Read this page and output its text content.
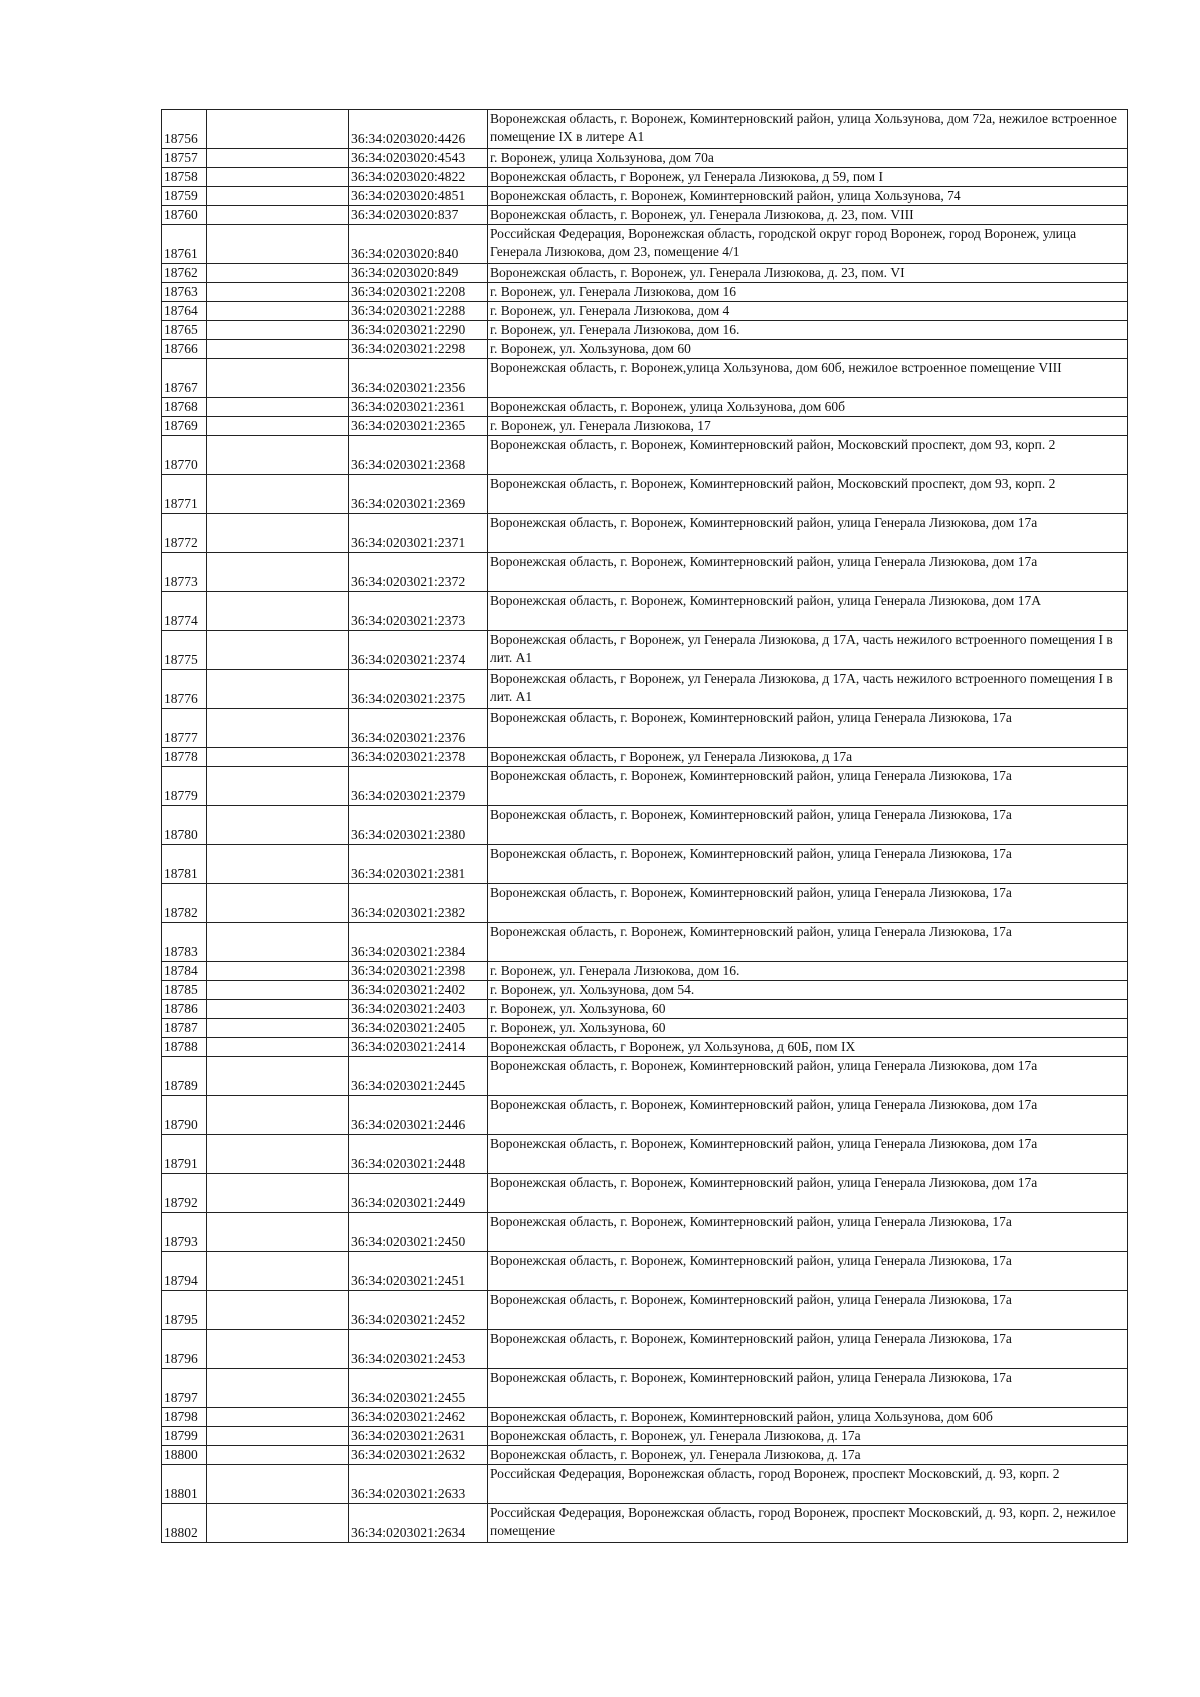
18756		36:34:0203020:4426	Воронежская область, г. Воронеж, Коминтерновский район, улица Хользунова, дом 72а, нежилое встроенное помещение IX в литере А1
18757		36:34:0203020:4543	г. Воронеж, улица Хользунова, дом 70а
18758		36:34:0203020:4822	Воронежская область, г Воронеж, ул Генерала Лизюкова, д 59, пом I
18759		36:34:0203020:4851	Воронежская область, г. Воронеж, Коминтерновский район, улица Хользунова, 74
18760		36:34:0203020:837	Воронежская область, г. Воронеж, ул. Генерала Лизюкова, д. 23, пом. VIII
18761		36:34:0203020:840	Российская Федерация, Воронежская область, городской округ город Воронеж, город Воронеж, улица Генерала Лизюкова, дом 23, помещение 4/1
18762		36:34:0203020:849	Воронежская область, г. Воронеж, ул. Генерала Лизюкова, д. 23, пом. VI
18763		36:34:0203021:2208	г. Воронеж, ул. Генерала Лизюкова, дом 16
18764		36:34:0203021:2288	г. Воронеж, ул. Генерала Лизюкова, дом 4
18765		36:34:0203021:2290	г. Воронеж, ул. Генерала Лизюкова, дом 16.
18766		36:34:0203021:2298	г. Воронеж, ул. Хользунова, дом 60
18767		36:34:0203021:2356	Воронежская область, г. Воронеж,улица Хользунова, дом 60б, нежилое встроенное помещение VIII
18768		36:34:0203021:2361	Воронежская область, г. Воронеж, улица Хользунова, дом 60б
18769		36:34:0203021:2365	г. Воронеж, ул. Генерала Лизюкова, 17
18770		36:34:0203021:2368	Воронежская область, г. Воронеж, Коминтерновский район, Московский проспект, дом 93, корп. 2
18771		36:34:0203021:2369	Воронежская область, г. Воронеж, Коминтерновский район, Московский проспект, дом 93, корп. 2
18772		36:34:0203021:2371	Воронежская область, г. Воронеж, Коминтерновский район, улица Генерала Лизюкова, дом 17а
18773		36:34:0203021:2372	Воронежская область, г. Воронеж, Коминтерновский район, улица Генерала Лизюкова, дом 17а
18774		36:34:0203021:2373	Воронежская область, г. Воронеж, Коминтерновский район, улица Генерала Лизюкова, дом 17А
18775		36:34:0203021:2374	Воронежская область, г Воронеж, ул Генерала Лизюкова, д 17А, часть нежилого встроенного помещения I в лит. А1
18776		36:34:0203021:2375	Воронежская область, г Воронеж, ул Генерала Лизюкова, д 17А, часть нежилого встроенного помещения I в лит. А1
18777		36:34:0203021:2376	Воронежская область, г. Воронеж, Коминтерновский район, улица Генерала Лизюкова, 17а
18778		36:34:0203021:2378	Воронежская область, г Воронеж, ул Генерала Лизюкова, д 17а
18779		36:34:0203021:2379	Воронежская область, г. Воронеж, Коминтерновский район, улица Генерала Лизюкова, 17а
18780		36:34:0203021:2380	Воронежская область, г. Воронеж, Коминтерновский район, улица Генерала Лизюкова, 17а
18781		36:34:0203021:2381	Воронежская область, г. Воронеж, Коминтерновский район, улица Генерала Лизюкова, 17а
18782		36:34:0203021:2382	Воронежская область, г. Воронеж, Коминтерновский район, улица Генерала Лизюкова, 17а
18783		36:34:0203021:2384	Воронежская область, г. Воронеж, Коминтерновский район, улица Генерала Лизюкова, 17а
18784		36:34:0203021:2398	г. Воронеж, ул. Генерала Лизюкова, дом 16.
18785		36:34:0203021:2402	г. Воронеж, ул. Хользунова, дом 54.
18786		36:34:0203021:2403	г. Воронеж, ул. Хользунова, 60
18787		36:34:0203021:2405	г. Воронеж, ул. Хользунова, 60
18788		36:34:0203021:2414	Воронежская область, г Воронеж, ул Хользунова, д 60Б, пом IX
18789		36:34:0203021:2445	Воронежская область, г. Воронеж, Коминтерновский район, улица Генерала Лизюкова, дом 17а
18790		36:34:0203021:2446	Воронежская область, г. Воронеж, Коминтерновский район, улица Генерала Лизюкова, дом 17а
18791		36:34:0203021:2448	Воронежская область, г. Воронеж, Коминтерновский район, улица Генерала Лизюкова, дом 17а
18792		36:34:0203021:2449	Воронежская область, г. Воронеж, Коминтерновский район, улица Генерала Лизюкова, дом 17а
18793		36:34:0203021:2450	Воронежская область, г. Воронеж, Коминтерновский район, улица Генерала Лизюкова, 17а
18794		36:34:0203021:2451	Воронежская область, г. Воронеж, Коминтерновский район, улица Генерала Лизюкова, 17а
18795		36:34:0203021:2452	Воронежская область, г. Воронеж, Коминтерновский район, улица Генерала Лизюкова, 17а
18796		36:34:0203021:2453	Воронежская область, г. Воронеж, Коминтерновский район, улица Генерала Лизюкова, 17а
18797		36:34:0203021:2455	Воронежская область, г. Воронеж, Коминтерновский район, улица Генерала Лизюкова, 17а
18798		36:34:0203021:2462	Воронежская область, г. Воронеж, Коминтерновский район, улица Хользунова, дом 60б
18799		36:34:0203021:2631	Воронежская область, г. Воронеж, ул. Генерала Лизюкова, д. 17а
18800		36:34:0203021:2632	Воронежская область, г. Воронеж, ул. Генерала Лизюкова, д. 17а
18801		36:34:0203021:2633	Российская Федерация, Воронежская область, город Воронеж, проспект Московский, д. 93, корп. 2
18802		36:34:0203021:2634	Российская Федерация, Воронежская область, город Воронеж, проспект Московский, д. 93, корп. 2, нежилое помещение
